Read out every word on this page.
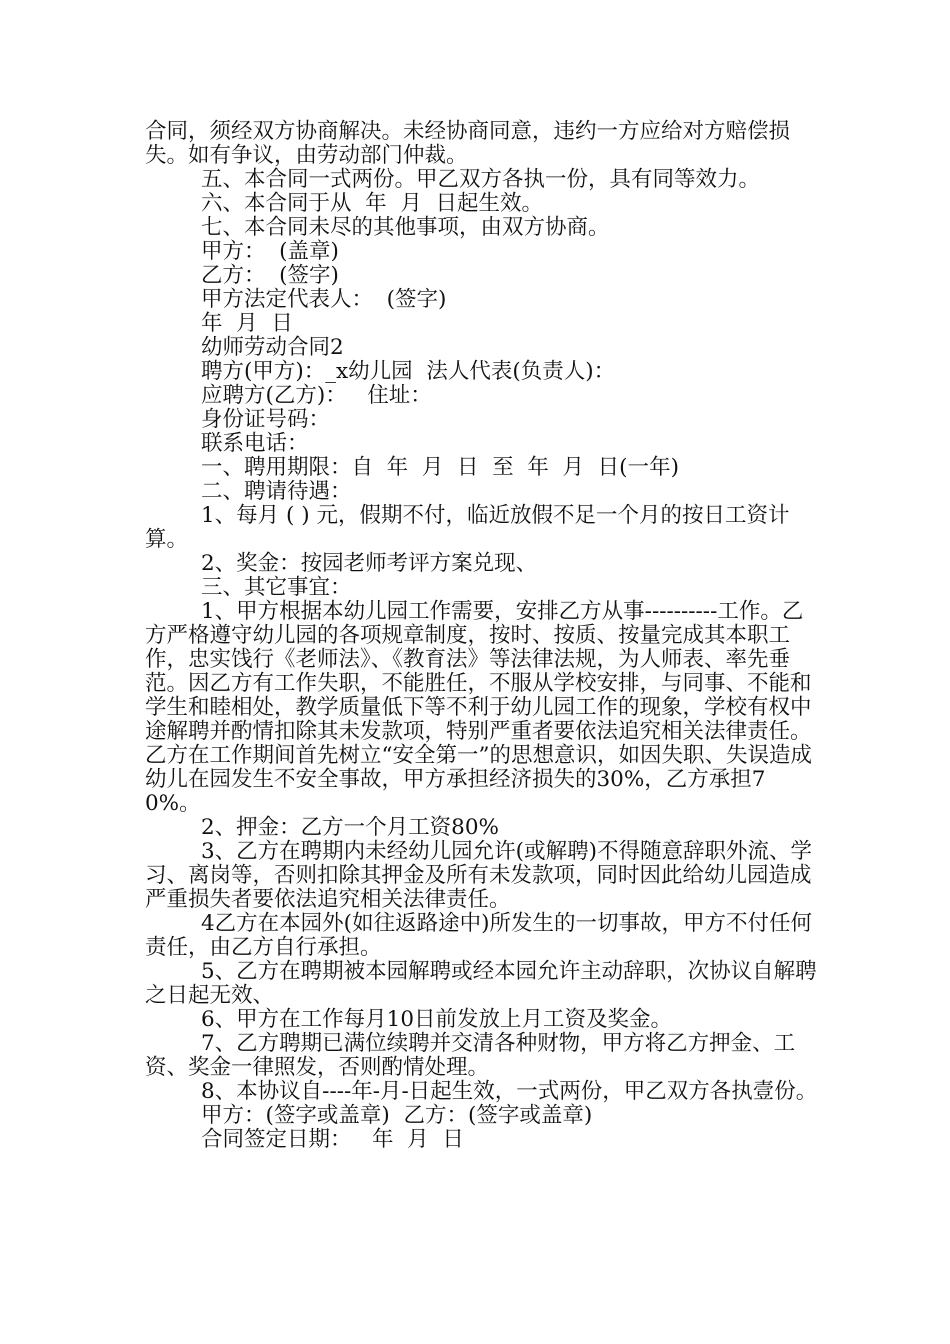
合同，须经双方协商解决。未经协商同意，违约一方应给对方赔偿损失。如有争议，由劳动部门仲裁。

五、本合同一式两份。甲乙双方各执一份，具有同等效力。

六、本合同于从  年  月  日起生效。

七、本合同未尽的其他事项，由双方协商。

甲方：  (盖章)

乙方：  (签字)

甲方法定代表人：  (签字)

年  月  日

幼师劳动合同2

聘方(甲方)：_x幼儿园  法人代表(负责人)：

应聘方(乙方)：   住址：

身份证号码：

联系电话：

一、聘用期限：自  年  月  日  至  年  月  日(一年)

二、聘请待遇：

1、每月 ( ) 元，假期不付，临近放假不足一个月的按日工资计算。

2、奖金：按园老师考评方案兑现、

三、其它事宜：

1、甲方根据本幼儿园工作需要，安排乙方从事----------工作。乙方严格遵守幼儿园的各项规章制度，按时、按质、按量完成其本职工作，忠实饯行《老师法》、《教育法》等法律法规，为人师表、率先垂范。因乙方有工作失职，不能胜任，不服从学校安排，与同事、不能和学生和睦相处，教学质量低下等不利于幼儿园工作的现象，学校有权中途解聘并酌情扣除其未发款项，特别严重者要依法追究相关法律责任。乙方在工作期间首先树立“安全第一”的思想意识，如因失职、失误造成幼儿在园发生不安全事故，甲方承担经济损失的30%，乙方承担70%。

2、押金：乙方一个月工资80%

3、乙方在聘期内未经幼儿园允许(或解聘)不得随意辞职外流、学习、离岗等，否则扣除其押金及所有未发款项，同时因此给幼儿园造成严重损失者要依法追究相关法律责任。

4乙方在本园外(如往返路途中)所发生的一切事故，甲方不付任何责任，由乙方自行承担。

5、乙方在聘期被本园解聘或经本园允许主动辞职，次协议自解聘之日起无效、

6、甲方在工作每月10日前发放上月工资及奖金。

7、乙方聘期已满位续聘并交清各种财物，甲方将乙方押金、工资、奖金一律照发，否则酌情处理。

8、本协议自----年-月-日起生效，一式两份，甲乙双方各执壹份。

甲方：(签字或盖章)  乙方：(签字或盖章)

合同签定日期：   年  月  日
